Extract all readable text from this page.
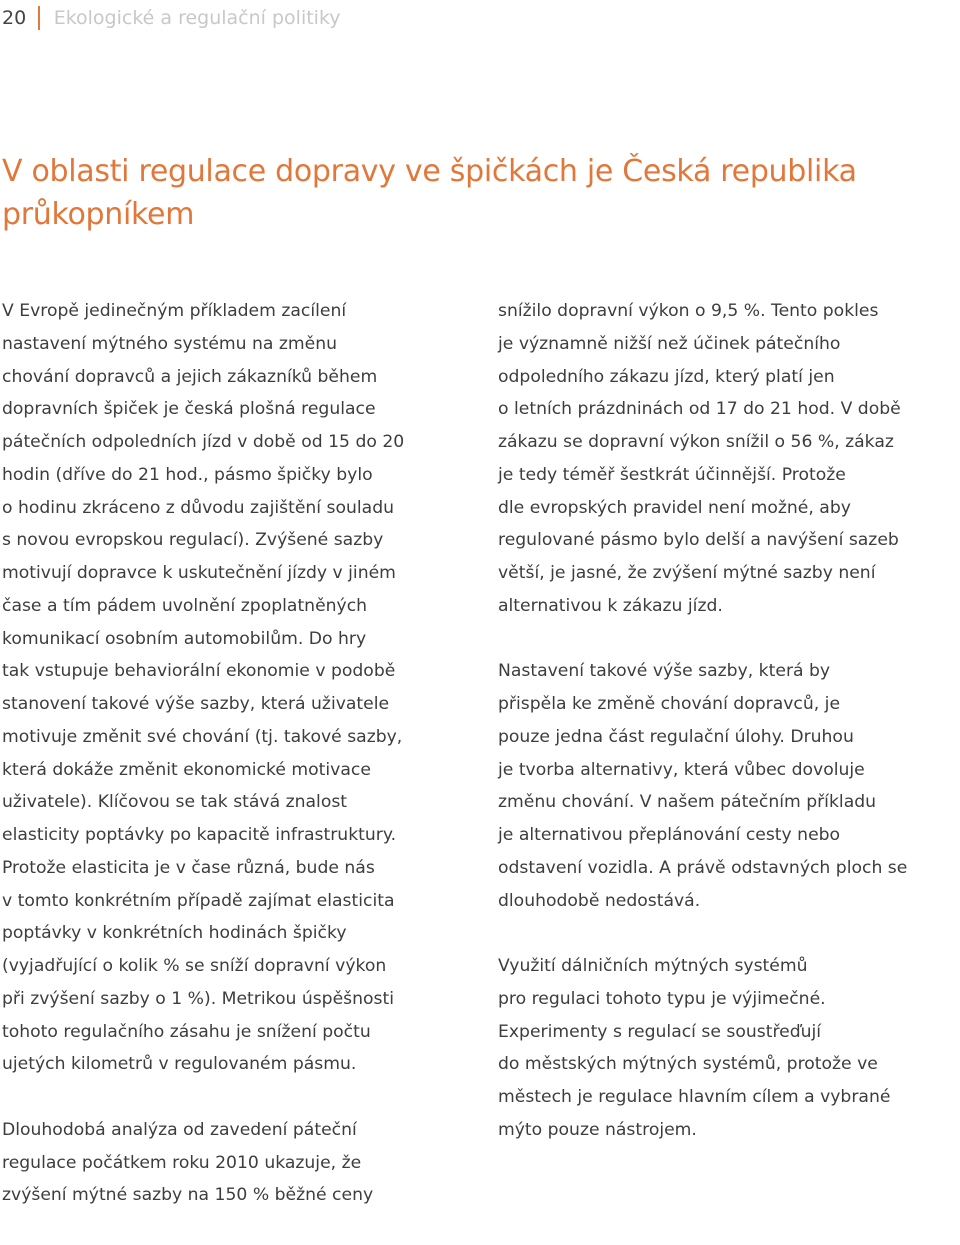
20	Ekologické a regulační politiky
V oblasti regulace dopravy ve špičkách je Česká republika
průkopníkem

V Evropě jedinečným příkladem zacílení
nastavení mýtného systému na změnu
chování dopravců a jejich zákazníků během
dopravních špiček je česká plošná regulace
pátečních odpoledních jízd v době od 15 do 20
hodin (dříve do 21 hod., pásmo špičky bylo
o hodinu zkráceno z důvodu zajištění souladu
s novou evropskou regulací). Zvýšené sazby
motivují dopravce k uskutečnění jízdy v jiném
čase a tím pádem uvolnění zpoplatněných
komunikací osobním automobilům. Do hry
tak vstupuje behaviorální ekonomie v podobě
stanovení takové výše sazby, která uživatele
motivuje změnit své chování (tj. takové sazby,
která dokáže změnit ekonomické motivace
uživatele). Klíčovou se tak stává znalost
elasticity poptávky po kapacitě infrastruktury.
Protože elasticita je v čase různá, bude nás
v tomto konkrétním případě zajímat elasticita
poptávky v konkrétních hodinách špičky
(vyjadřující o kolik % se sníží dopravní výkon
při zvýšení sazby o 1 %). Metrikou úspěšnosti
tohoto regulačního zásahu je snížení počtu
ujetých kilometrů v regulovaném pásmu.

Dlouhodobá analýza od zavedení páteční
regulace počátkem roku 2010 ukazuje, že
zvýšení mýtné sazby na 150 % běžné ceny

snížilo dopravní výkon o 9,5 %. Tento pokles
je významně nižší než účinek pátečního
odpoledního zákazu jízd, který platí jen
o letních prázdninách od 17 do 21 hod. V době
zákazu se dopravní výkon snížil o 56 %, zákaz
je tedy téměř šestkrát účinnější. Protože
dle evropských pravidel není možné, aby
regulované pásmo bylo delší a navýšení sazeb
větší, je jasné, že zvýšení mýtné sazby není
alternativou k zákazu jízd.

Nastavení takové výše sazby, která by
přispěla ke změně chování dopravců, je
pouze jedna část regulační úlohy. Druhou
je tvorba alternativy, která vůbec dovoluje
změnu chování. V našem pátečním příkladu
je alternativou přeplánování cesty nebo
odstavení vozidla. A právě odstavných ploch se
dlouhodobě nedostává.

Využití dálničních mýtných systémů
pro regulaci tohoto typu je výjimečné.
Experimenty s regulací se soustřeďují
do městských mýtných systémů, protože ve
městech je regulace hlavním cílem a vybrané
mýto pouze nástrojem.
